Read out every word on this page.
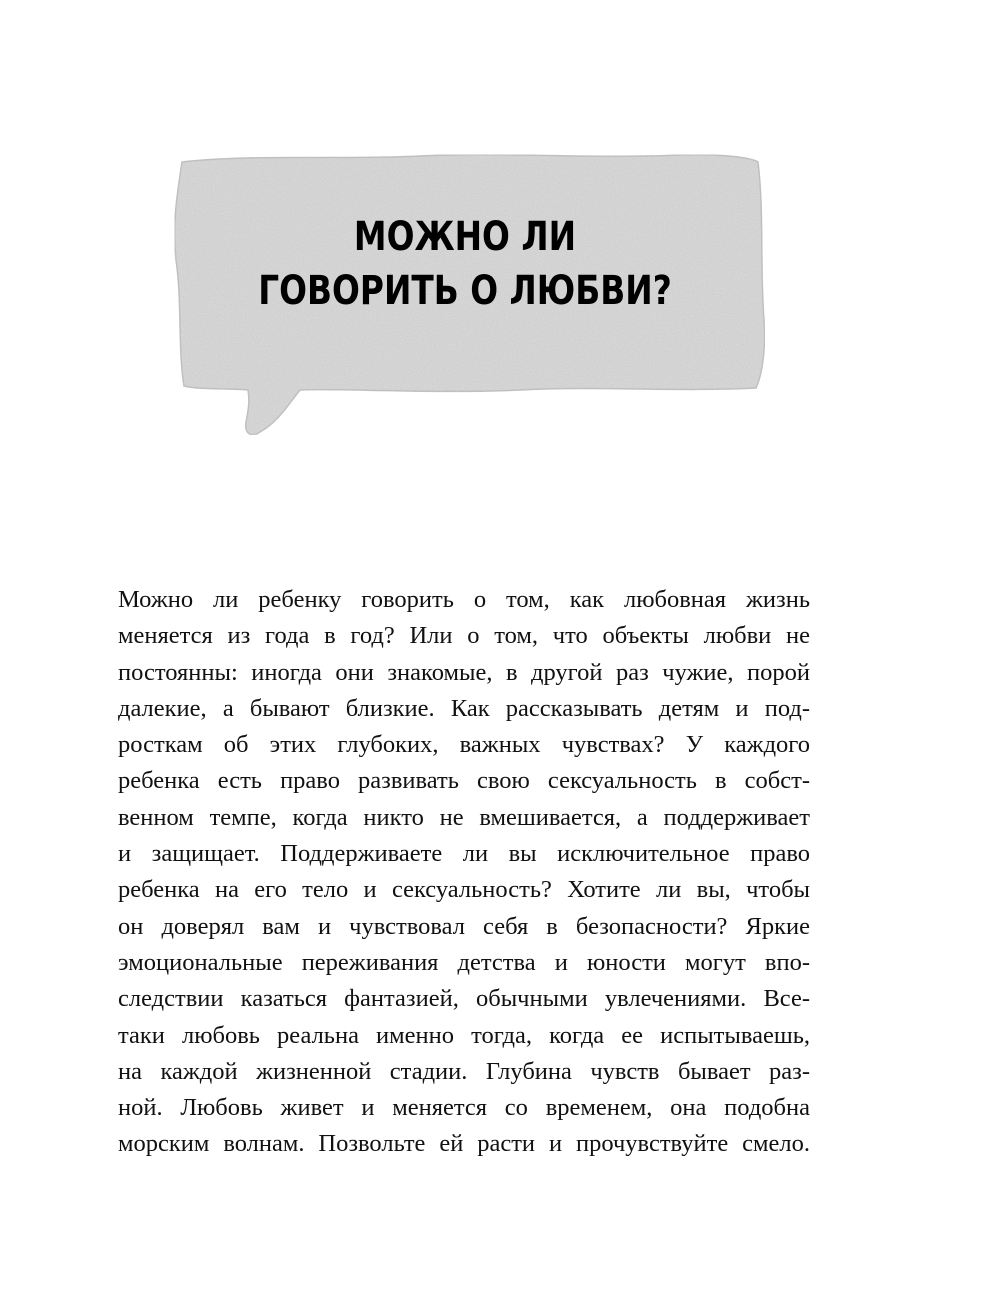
МОЖНО ЛИ
ГОВОРИТЬ О ЛЮБВИ?
Можно ли ребенку говорить о том, как любовная жизнь
меняется из года в год? Или о том, что объекты любви не
постоянны: иногда они знакомые, в другой раз чужие, порой
далекие, а бывают близкие. Как рассказывать детям и под-
росткам об этих глубоких, важных чувствах? У каждого
ребенка есть право развивать свою сексуальность в собст-
венном темпе, когда никто не вмешивается, а поддерживает
и защищает. Поддерживаете ли вы исключительное право
ребенка на его тело и сексуальность? Хотите ли вы, чтобы
он доверял вам и чувствовал себя в безопасности? Яркие
эмоциональные переживания детства и юности могут впо-
следствии казаться фантазией, обычными увлечениями. Все-
таки любовь реальна именно тогда, когда ее испытываешь,
на каждой жизненной стадии. Глубина чувств бывает раз-
ной. Любовь живет и меняется со временем, она подобна
морским волнам. Позвольте ей расти и прочувствуйте смело.
